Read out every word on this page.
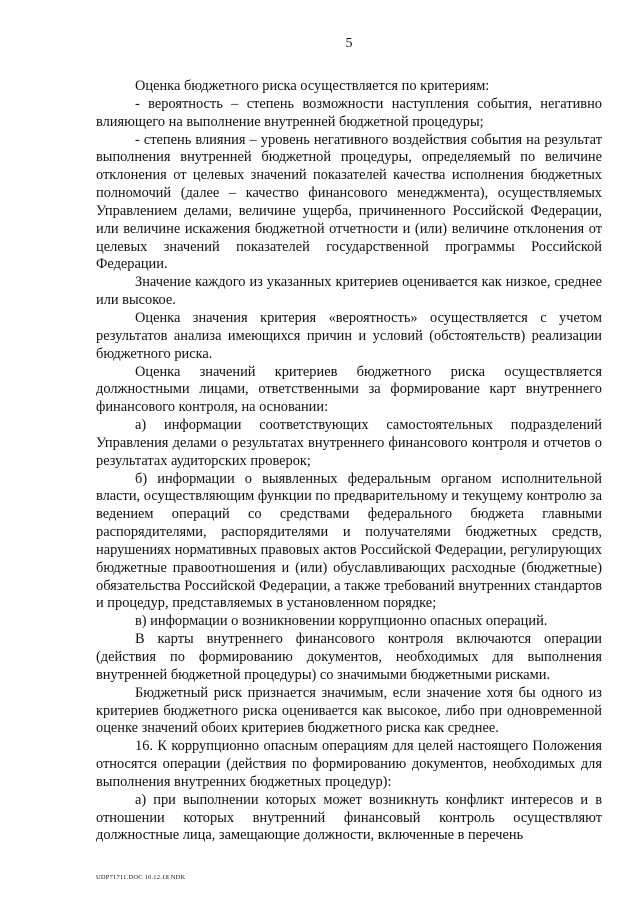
5

Оценка бюджетного риска осуществляется по критериям:

- вероятность – степень возможности наступления события, негативно влияющего на выполнение внутренней бюджетной процедуры;

- степень влияния – уровень негативного воздействия события на результат выполнения внутренней бюджетной процедуры, определяемый по величине отклонения от целевых значений показателей качества исполнения бюджетных полномочий (далее – качество финансового менеджмента), осуществляемых Управлением делами, величине ущерба, причиненного Российской Федерации, или величине искажения бюджетной отчетности и (или) величине отклонения от целевых значений показателей государственной программы Российской Федерации.

Значение каждого из указанных критериев оценивается как низкое, среднее или высокое.

Оценка значения критерия «вероятность» осуществляется с учетом результатов анализа имеющихся причин и условий (обстоятельств) реализации бюджетного риска.

Оценка значений критериев бюджетного риска осуществляется должностными лицами, ответственными за формирование карт внутреннего финансового контроля, на основании:

а) информации соответствующих самостоятельных подразделений Управления делами о результатах внутреннего финансового контроля и отчетов о результатах аудиторских проверок;

б) информации о выявленных федеральным органом исполнительной власти, осуществляющим функции по предварительному и текущему контролю за ведением операций со средствами федерального бюджета главными распорядителями, распорядителями и получателями бюджетных средств, нарушениях нормативных правовых актов Российской Федерации, регулирующих бюджетные правоотношения и (или) обуславливающих расходные (бюджетные) обязательства Российской Федерации, а также требований внутренних стандартов и процедур, представляемых в установленном порядке;

в) информации о возникновении коррупционно опасных операций.

В карты внутреннего финансового контроля включаются операции (действия по формированию документов, необходимых для выполнения внутренней бюджетной процедуры) со значимыми бюджетными рисками.

Бюджетный риск признается значимым, если значение хотя бы одного из критериев бюджетного риска оценивается как высокое, либо при одновременной оценке значений обоих критериев бюджетного риска как среднее.

16. К коррупционно опасным операциям для целей настоящего Положения относятся операции (действия по формированию документов, необходимых для выполнения внутренних бюджетных процедур):

а) при выполнении которых может возникнуть конфликт интересов и в отношении которых внутренний финансовый контроль осуществляют должностные лица, замещающие должности, включенные в перечень

UDP71711.DOC 10.12.18 NDK
